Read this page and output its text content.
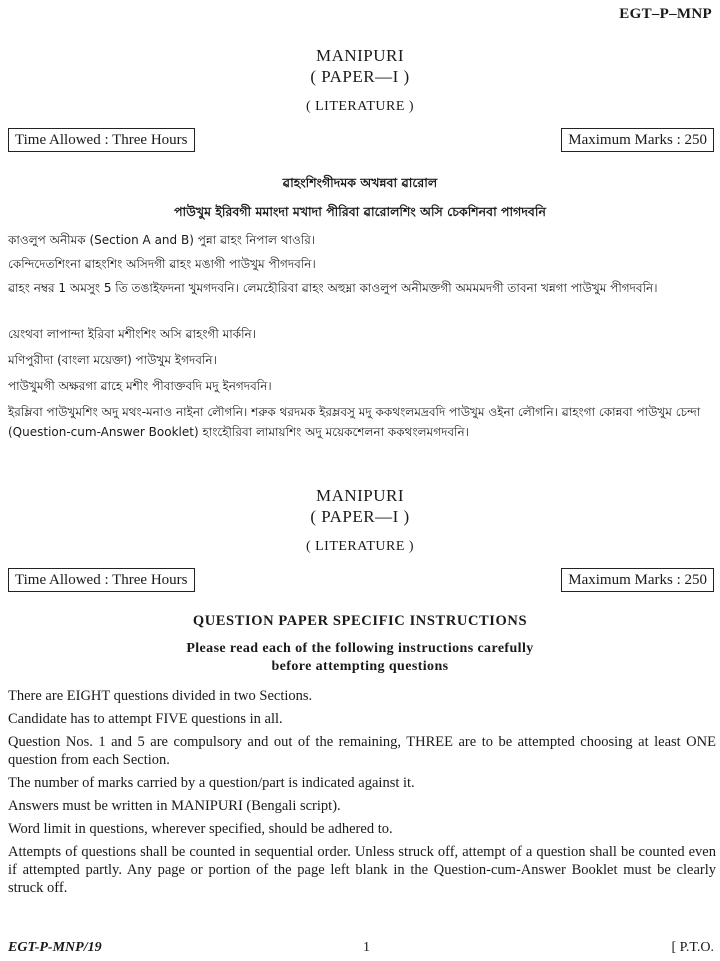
EGT–P–MNP
MANIPURI
( PAPER—I )
( LITERATURE )
Time Allowed : Three Hours	Maximum Marks : 250
ৱাহংশিংগীদমক অখন্নবা ৱারোল
পাউখুম ইরিবগী মমাংদা মখাদা পীরিবা ৱারোলশিং অসি চেকশিনবা পাগদবনি
কাওলুপ অনীমক (Section A and B) পুন্না ৱাহং নিপাল থাওরি।
কেন্দিদেতশিংনা ৱাহংশিং অসিদগী ৱাহং মঙাগী পাউখুম পীগদবনি।
ৱাহং নম্বর 1 অমসুং 5 তি তঙাইফদনা খুমগদবনি। লেমহৌরিবা ৱাহং অহুম্না কাওলুপ অনীমক্তগী অমমমদগী তাবনা খন্নগা পাউখুম পীগদবনি।
য়েংথবা লাপান্দা ইরিবা মশীংশিং অসি ৱাহংগী মার্কনি।
মণিপুরীদা (বাংলা ময়েক্তা) পাউখুম ইগদবনি।
পাউখুমগী অক্ষরগা ৱাহে মশীং পীবাক্তবদি মদু ইনগদবনি।
ইরম্লিবা পাউখুমশিং অদু মথং-মনাও নাইনা লৌগনি। শরুক থরদমক ইরম্লবসু মদু ককথংলমদ্রবদি পাউখুম ওইনা লৌগনি। ৱাহংগা কোন্নবা পাউখুম চেন্দা (Question-cum-Answer Booklet) হাংহৌরিবা লামায়শিং অদু ময়েকশেলনা ককথংলমগদবনি।
MANIPURI
( PAPER—I )
( LITERATURE )
Time Allowed : Three Hours	Maximum Marks : 250
QUESTION PAPER SPECIFIC INSTRUCTIONS
Please read each of the following instructions carefully
before attempting questions
There are EIGHT questions divided in two Sections.
Candidate has to attempt FIVE questions in all.
Question Nos. 1 and 5 are compulsory and out of the remaining, THREE are to be attempted choosing at least ONE question from each Section.
The number of marks carried by a question/part is indicated against it.
Answers must be written in MANIPURI (Bengali script).
Word limit in questions, wherever specified, should be adhered to.
Attempts of questions shall be counted in sequential order. Unless struck off, attempt of a question shall be counted even if attempted partly. Any page or portion of the page left blank in the Question-cum-Answer Booklet must be clearly struck off.
EGT-P-MNP/19	1	[ P.T.O.
